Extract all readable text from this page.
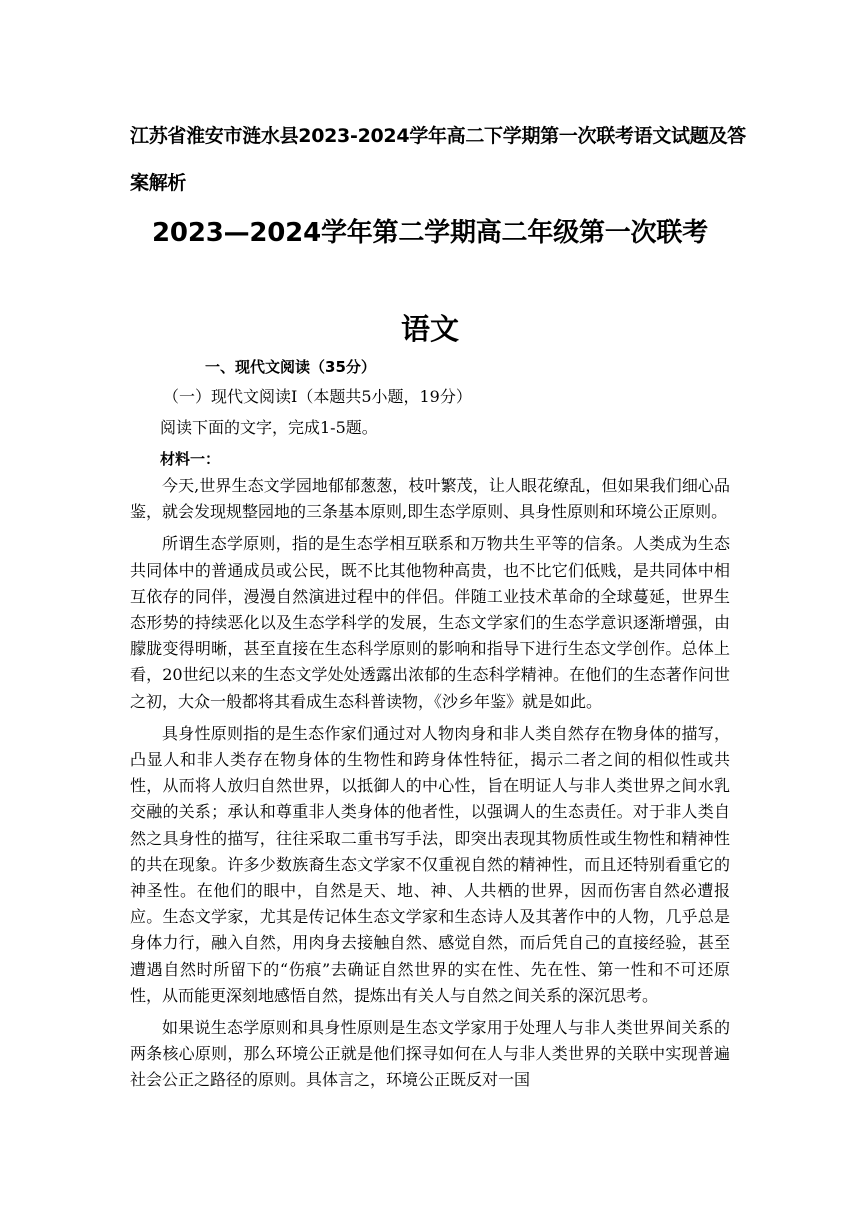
江苏省淮安市涟水县2023-2024学年高二下学期第一次联考语文试题及答案解析
2023—2024学年第二学期高二年级第一次联考
语文
一、现代文阅读（35分）
（一）现代文阅读Ⅰ（本题共5小题，19分）
阅读下面的文字，完成1-5题。
材料一：

今天,世界生态文学园地郁郁葱葱，枝叶繁茂，让人眼花缭乱，但如果我们细心品鉴，就会发现规整园地的三条基本原则,即生态学原则、具身性原则和环境公正原则。

所谓生态学原则，指的是生态学相互联系和万物共生平等的信条。人类成为生态共同体中的普通成员或公民，既不比其他物种高贵，也不比它们低贱，是共同体中相互依存的同伴，漫漫自然演进过程中的伴侣。伴随工业技术革命的全球蔓延，世界生态形势的持续恶化以及生态学科学的发展，生态文学家们的生态学意识逐渐增强，由朦胧变得明晰，甚至直接在生态科学原则的影响和指导下进行生态文学创作。总体上看，20世纪以来的生态文学处处透露出浓郁的生态科学精神。在他们的生态著作问世之初，大众一般都将其看成生态科普读物，《沙乡年鉴》就是如此。

具身性原则指的是生态作家们通过对人物肉身和非人类自然存在物身体的描写，凸显人和非人类存在物身体的生物性和跨身体性特征，揭示二者之间的相似性或共性，从而将人放归自然世界，以抵御人的中心性，旨在明证人与非人类世界之间水乳交融的关系；承认和尊重非人类身体的他者性，以强调人的生态责任。对于非人类自然之具身性的描写，往往采取二重书写手法，即突出表现其物质性或生物性和精神性的共在现象。许多少数族裔生态文学家不仅重视自然的精神性，而且还特别看重它的神圣性。在他们的眼中，自然是天、地、神、人共栖的世界，因而伤害自然必遭报应。生态文学家，尤其是传记体生态文学家和生态诗人及其著作中的人物，几乎总是身体力行，融入自然，用肉身去接触自然、感觉自然，而后凭自己的直接经验，甚至遭遇自然时所留下的“伤痕”去确证自然世界的实在性、先在性、第一性和不可还原性，从而能更深刻地感悟自然，提炼出有关人与自然之间关系的深沉思考。

如果说生态学原则和具身性原则是生态文学家用于处理人与非人类世界间关系的两条核心原则，那么环境公正就是他们探寻如何在人与非人类世界的关联中实现普遍社会公正之路径的原则。具体言之，环境公正既反对一国
